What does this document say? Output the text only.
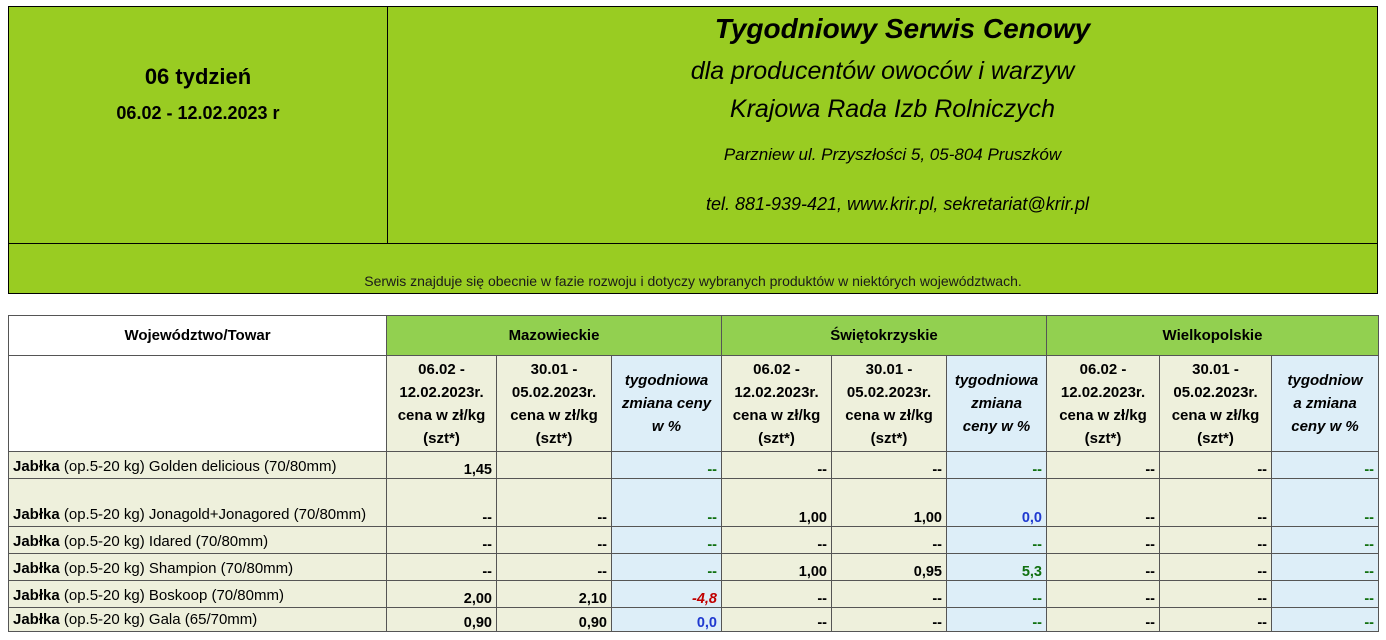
06 tydzień
06.02 - 12.02.2023 r
Tygodniowy Serwis Cenowy
dla producentów owoców i warzyw
Krajowa Rada Izb Rolniczych
Parzniew ul. Przyszłości 5, 05-804 Pruszków
tel. 881-939-421, www.krir.pl, sekretariat@krir.pl
Serwis znajduje się obecnie w fazie rozwoju i dotyczy wybranych produktów w niektórych województwach.
Województwo/Towar	Mazowieckie			Świętokrzyskie			Wielkopolskie		
	06.02 -
12.02.2023r.
cena w zł/kg
(szt*)	30.01 -
05.02.2023r.
cena w zł/kg
(szt*)	tygodniowa
zmiana ceny
w %	06.02 -
12.02.2023r.
cena w zł/kg
(szt*)	30.01 -
05.02.2023r.
cena w zł/kg
(szt*)	tygodniowa
zmiana
ceny w %	06.02 -
12.02.2023r.
cena w zł/kg
(szt*)	30.01 -
05.02.2023r.
cena w zł/kg
(szt*)	tygodniow
a zmiana
ceny w %
Jabłka (op.5-20 kg) Golden delicious (70/80mm)	1,45		--	--	--	--	--	--	--
Jabłka (op.5-20 kg) Jonagold+Jonagored (70/80mm)	--	--	--	1,00	1,00	0,0	--	--	--
Jabłka (op.5-20 kg) Idared (70/80mm)	--	--	--	--	--	--	--	--	--
Jabłka (op.5-20 kg) Shampion (70/80mm)	--	--	--	1,00	0,95	5,3	--	--	--
Jabłka (op.5-20 kg) Boskoop (70/80mm)	2,00	2,10	-4,8	--	--	--	--	--	--
Jabłka (op.5-20 kg) Gala (65/70mm)	0,90	0,90	0,0	--	--	--	--	--	--
